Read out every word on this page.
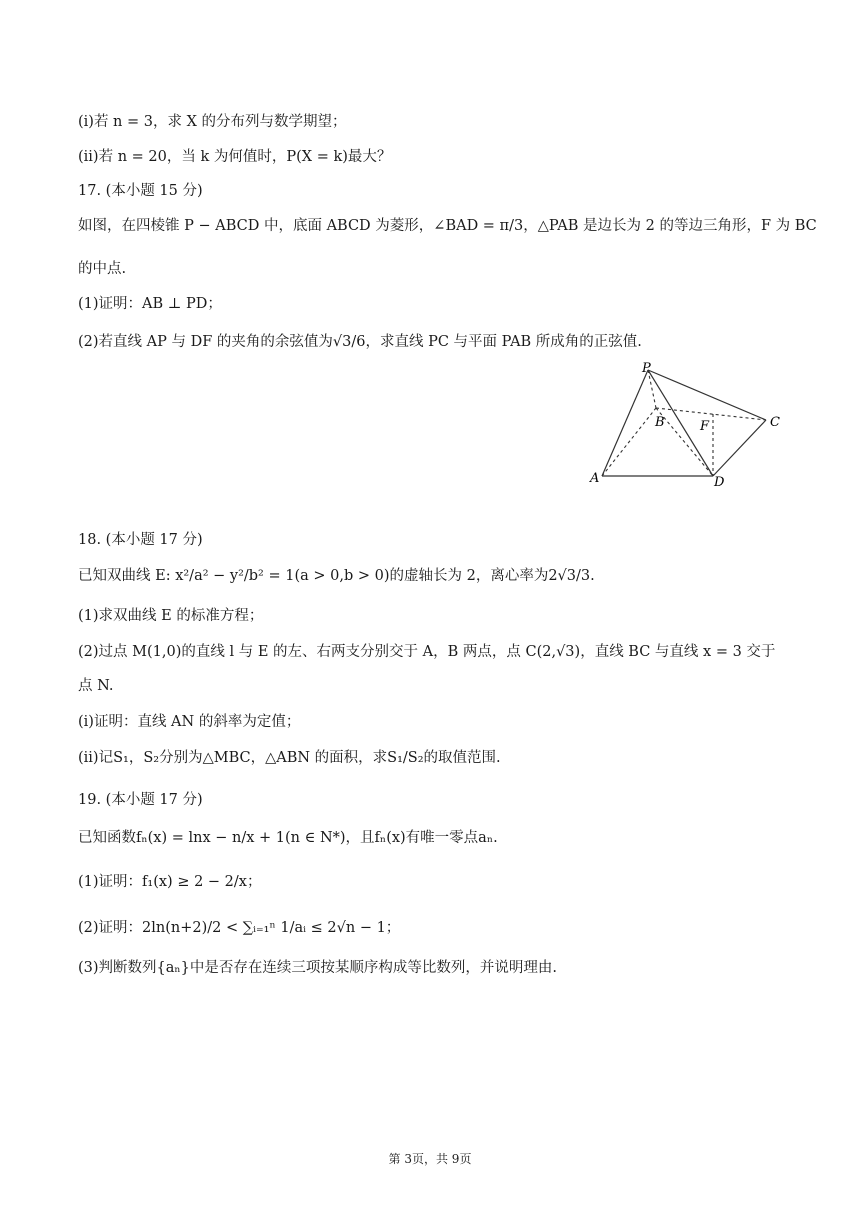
(i)若 n = 3，求 X 的分布列与数学期望；
(ii)若 n = 20，当 k 为何值时，P(X = k)最大？
17. (本小题 15 分)
如图，在四棱锥 P − ABCD 中，底面 ABCD 为菱形，∠BAD = π/3，△PAB 是边长为 2 的等边三角形，F 为 BC
的中点.
(1)证明：AB ⊥ PD；
(2)若直线 AP 与 DF 的夹角的余弦值为√3/6，求直线 PC 与平面 PAB 所成角的正弦值.
P
B	F	C
A	D
18. (本小题 17 分)
已知双曲线 E: x²/a² − y²/b² = 1(a > 0,b > 0)的虚轴长为 2，离心率为2√3/3.
(1)求双曲线 E 的标准方程；
(2)过点 M(1,0)的直线 l 与 E 的左、右两支分别交于 A，B 两点，点 C(2,√3)，直线 BC 与直线 x = 3 交于
点 N.
(i)证明：直线 AN 的斜率为定值；
(ii)记S₁，S₂分别为△MBC，△ABN 的面积，求S₁/S₂的取值范围.
19. (本小题 17 分)
已知函数fₙ(x) = lnx − n/x + 1(n ∈ N*)，且fₙ(x)有唯一零点aₙ.
(1)证明：f₁(x) ≥ 2 − 2/x；
(2)证明：2ln(n+2)/2 < ∑ᵢ₌₁ⁿ 1/aᵢ ≤ 2√n − 1；
(3)判断数列{aₙ}中是否存在连续三项按某顺序构成等比数列，并说明理由.
第 3页，共 9页
